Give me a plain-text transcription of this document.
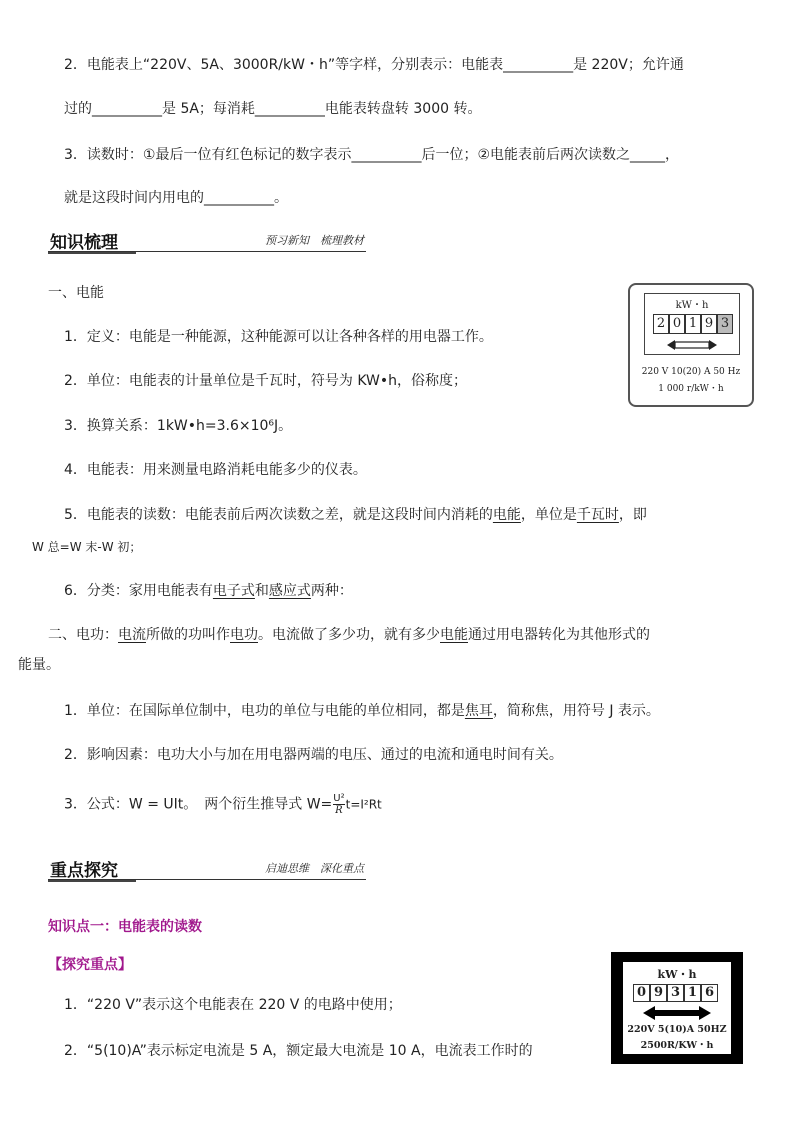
2．电能表上“220V、5A、3000R/kW・h”等字样，分别表示：电能表__________是 220V；允许通
过的__________是 5A；每消耗__________电能表转盘转 3000 转。
3．读数时：①最后一位有红色标记的数字表示__________后一位；②电能表前后两次读数之_____，
就是这段时间内用电的__________。
知识梳理	预习新知　梳理教材
一、电能
1．定义：电能是一种能源，这种能源可以让各种各样的用电器工作。
2．单位：电能表的计量单位是千瓦时，符号为 KW•h，俗称度；
3．换算关系：1kW•h=3.6×10⁶J。
4．电能表：用来测量电路消耗电能多少的仪表。
5．电能表的读数：电能表前后两次读数之差，就是这段时间内消耗的电能，单位是千瓦时，即
W 总=W 末-W 初；
6．分类：家用电能表有电子式和感应式两种：
二、电功：电流所做的功叫作电功。电流做了多少功，就有多少电能通过用电器转化为其他形式的
能量。
1．单位：在国际单位制中，电功的单位与电能的单位相同，都是焦耳，简称焦，用符号 J 表示。
2．影响因素：电功大小与加在用电器两端的电压、通过的电流和通电时间有关。
3．公式：W = UIt。　两个衍生推导式 $W= \frac{\text{U²}}{R} t=I^2Rt$
重点探究	启迪思维　深化重点
知识点一：电能表的读数
【探究重点】
1．“220 V”表示这个电能表在 220 V 的电路中使用；
2．“5(10)A”表示标定电流是 5 A，额定最大电流是 10 A，电流表工作时的
kW・h
2 0 1 9 3
220 V 10(20) A 50 Hz
1 000 r/kW・h
kW・h
0 9 3 1 6
220V 5(10)A 50HZ
2500R/KW・h
